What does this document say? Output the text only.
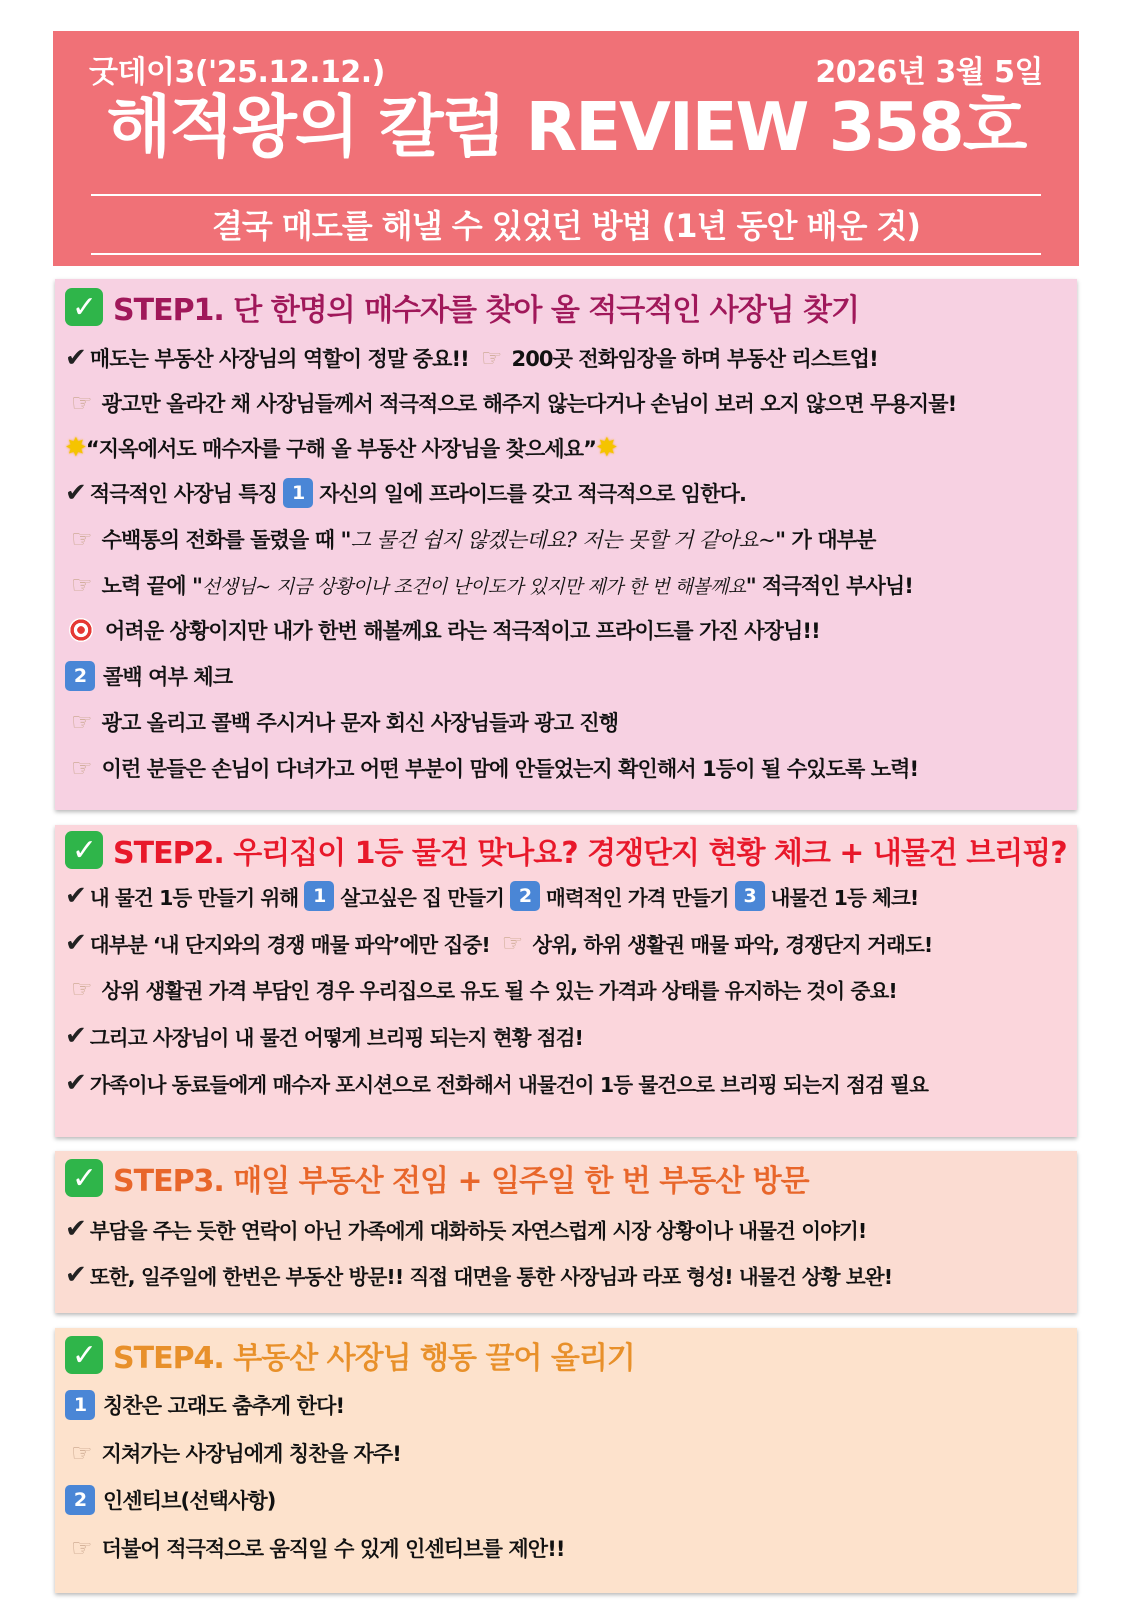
굿데이3('25.12.12.)	2026년 3월 5일
해적왕의 칼럼 REVIEW 358호
결국 매도를 해낼 수 있었던 방법 (1년 동안 배운 것)
✓ STEP1. 단 한명의 매수자를 찾아 올 적극적인 사장님 찾기
✔ 매도는 부동산 사장님의 역할이 정말 중요!! ☞ 200곳 전화임장을 하며 부동산 리스트업!
☞ 광고만 올라간 채 사장님들께서 적극적으로 해주지 않는다거나 손님이 보러 오지 않으면 무용지물!
✸ “지옥에서도 매수자를 구해 올 부동산 사장님을 찾으세요” ✸
✔ 적극적인 사장님 특징 1 자신의 일에 프라이드를 갖고 적극적으로 임한다.
☞ 수백통의 전화를 돌렸을 때 " 그 물건 쉽지 않겠는데요? 저는 못할 거 같아요~ " 가 대부분
☞ 노력 끝에 " 선생님~ 지금 상황이나 조건이 난이도가 있지만 제가 한 번 해볼께요 " 적극적인 부사님!
어려운 상황이지만 내가 한번 해볼께요 라는 적극적이고 프라이드를 가진 사장님!!
2 콜백 여부 체크
☞ 광고 올리고 콜백 주시거나 문자 회신 사장님들과 광고 진행
☞ 이런 분들은 손님이 다녀가고 어떤 부분이 맘에 안들었는지 확인해서 1등이 될 수있도록 노력!
✓ STEP2. 우리집이 1등 물건 맞나요? 경쟁단지 현황 체크 + 내물건 브리핑?
✔ 내 물건 1등 만들기 위해 1 살고싶은 집 만들기 2 매력적인 가격 만들기 3 내물건 1등 체크!
✔ 대부분 ‘내 단지와의 경쟁 매물 파악’에만 집중! ☞ 상위, 하위 생활권 매물 파악, 경쟁단지 거래도!
☞ 상위 생활권 가격 부담인 경우 우리집으로 유도 될 수 있는 가격과 상태를 유지하는 것이 중요!
✔ 그리고 사장님이 내 물건 어떻게 브리핑 되는지 현황 점검!
✔ 가족이나 동료들에게 매수자 포시션으로 전화해서 내물건이 1등 물건으로 브리핑 되는지 점검 필요
✓ STEP3. 매일 부동산 전임 + 일주일 한 번 부동산 방문
✔ 부담을 주는 듯한 연락이 아닌 가족에게 대화하듯 자연스럽게 시장 상황이나 내물건 이야기!
✔ 또한, 일주일에 한번은 부동산 방문!! 직접 대면을 통한 사장님과 라포 형성! 내물건 상황 보완!
✓ STEP4. 부동산 사장님 행동 끌어 올리기
1 칭찬은 고래도 춤추게 한다!
☞ 지쳐가는 사장님에게 칭찬을 자주!
2 인센티브(선택사항)
☞ 더불어 적극적으로 움직일 수 있게 인센티브를 제안!!
